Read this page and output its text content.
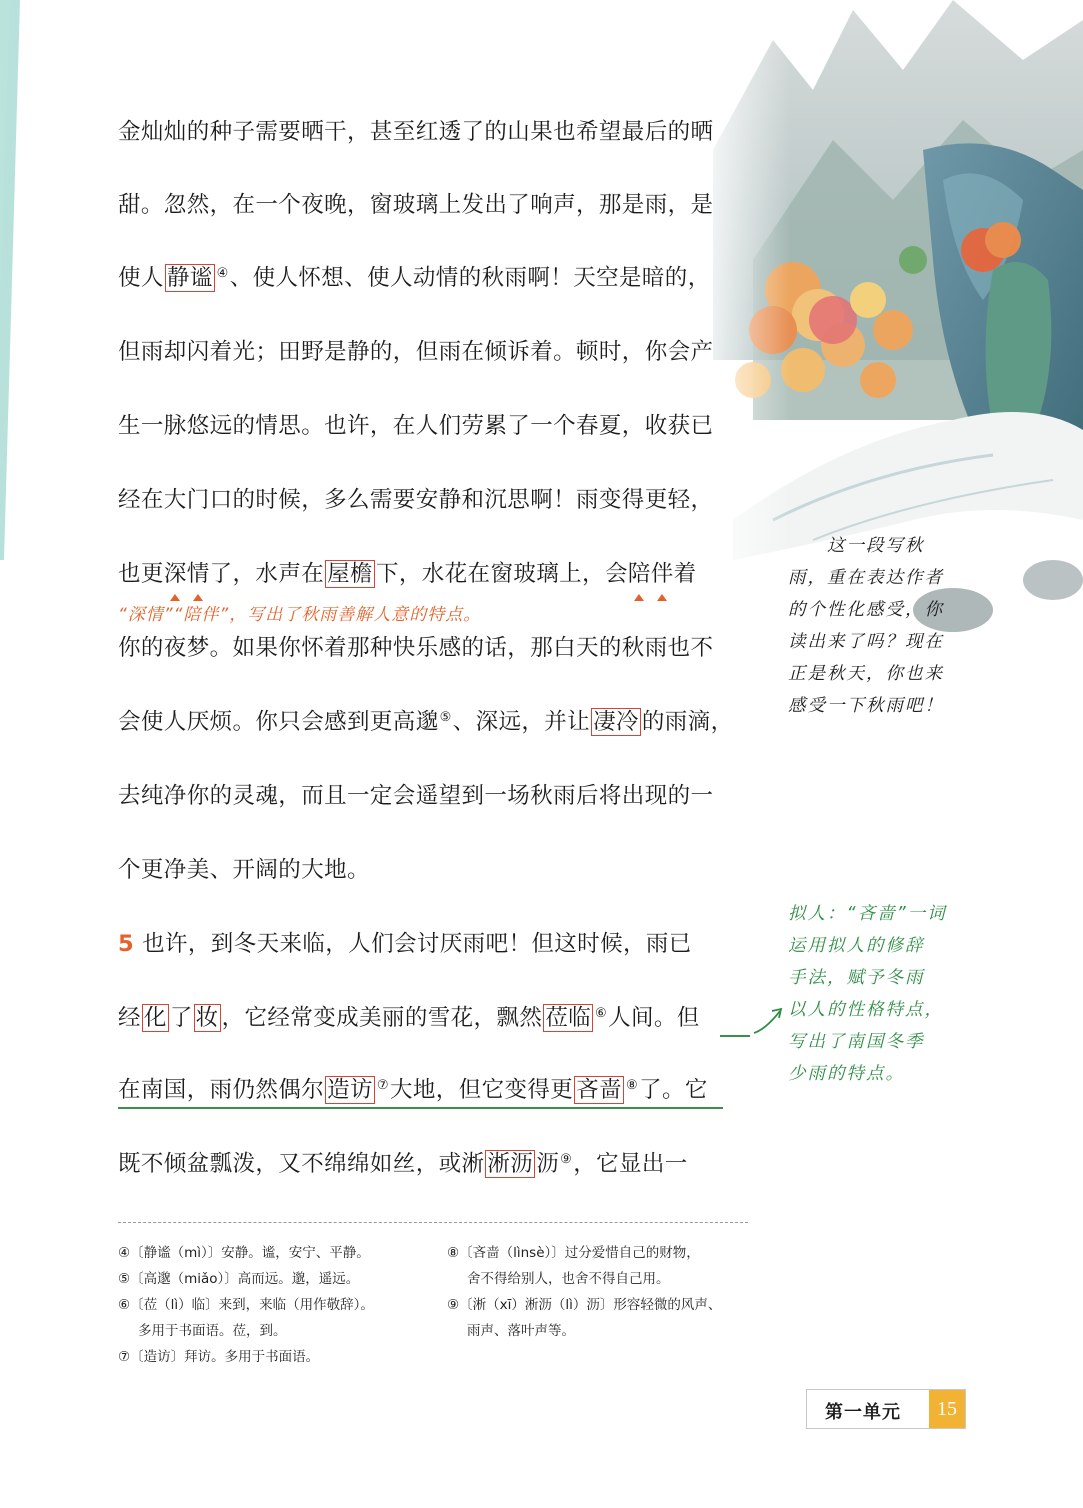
金灿灿的种子需要晒干，甚至红透了的山果也希望最后的晒
甜。忽然，在一个夜晚，窗玻璃上发出了响声，那是雨，是
使人 静谧 ④、使人怀想、使人动情的秋雨啊！天空是暗的，
但雨却闪着光；田野是静的，但雨在倾诉着。顿时，你会产
生一脉悠远的情思。也许，在人们劳累了一个春夏，收获已
经在大门口的时候，多么需要安静和沉思啊！雨变得更轻，
也更深情了，水声在 屋檐 下，水花在窗玻璃上，会陪伴着
你的夜梦。如果你怀着那种快乐感的话，那白天的秋雨也不
会使人厌烦。你只会感到更高邈⑤、深远，并让 凄冷 的雨滴，
去纯净你的灵魂，而且一定会遥望到一场秋雨后将出现的一
个更净美、开阔的大地。
5 也许，到冬天来临，人们会讨厌雨吧！但这时候，雨已
经 化 了 妆 ，它经常变成美丽的雪花，飘然 莅临 ⑥人间。但
在南国，雨仍然偶尔 造访 ⑦大地，但它变得更 吝啬 ⑧了。它
既不倾盆瓢泼，又不绵绵如丝，或淅 淅沥 沥⑨，它显出一
“深情”“陪伴”，写出了秋雨善解人意的特点。
　　这一段写秋
雨，重在表达作者
的个性化感受，你
读出来了吗？现在
正是秋天，你也来
感受一下秋雨吧！
拟人：“吝啬”一词
运用拟人的修辞
手法，赋予冬雨
以人的性格特点，
写出了南国冬季
少雨的特点。
④〔静谧（mì）〕安静。谧，安宁、平静。
⑤〔高邈（miǎo）〕高而远。邈，遥远。
⑥〔莅（lì）临〕来到，来临（用作敬辞）。
多用于书面语。莅，到。
⑦〔造访〕拜访。多用于书面语。
⑧〔吝啬（lìnsè）〕过分爱惜自己的财物，
舍不得给别人，也舍不得自己用。
⑨〔淅（xī）淅沥（lì）沥〕形容轻微的风声、
雨声、落叶声等。
第一单元	15
